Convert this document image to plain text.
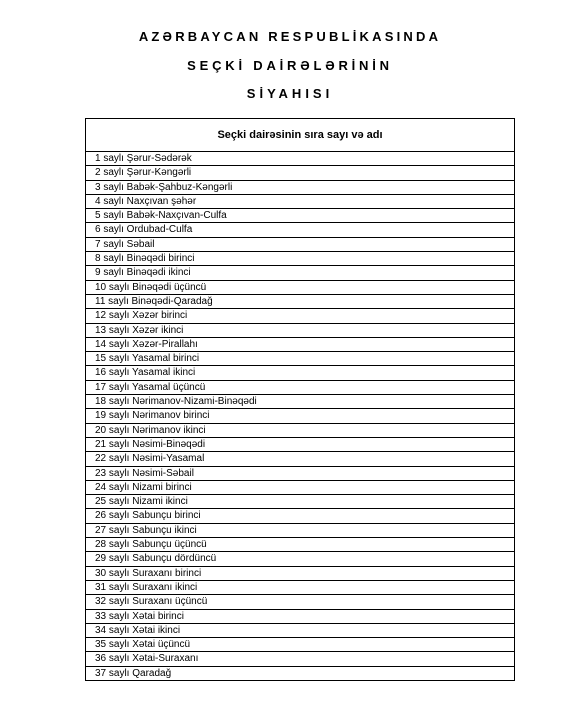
AZƏRBAYCAN RESPUBLİKASINDA
SEÇKİ DAİRƏLƏRİNİN
SİYAHISI
Seçki dairəsinin sıra sayı və adı
1 saylı Şərur-Sədərək
2 saylı Şərur-Kəngərli
3 saylı Babək-Şahbuz-Kəngərli
4 saylı Naxçıvan şəhər
5 saylı Babək-Naxçıvan-Culfa
6 saylı Ordubad-Culfa
7 saylı Səbail
8 saylı Binəqədi birinci
9 saylı Binəqədi ikinci
10 saylı Binəqədi üçüncü
11 saylı Binəqədi-Qaradağ
12 saylı Xəzər birinci
13 saylı Xəzər ikinci
14 saylı Xəzər-Pirallahı
15 saylı Yasamal birinci
16 saylı Yasamal ikinci
17 saylı Yasamal üçüncü
18 saylı Nərimanov-Nizami-Binəqədi
19 saylı Nərimanov birinci
20 saylı Nərimanov ikinci
21 saylı Nəsimi-Binəqədi
22 saylı Nəsimi-Yasamal
23 saylı Nəsimi-Səbail
24 saylı Nizami birinci
25 saylı Nizami ikinci
26 saylı Sabunçu birinci
27 saylı Sabunçu ikinci
28 saylı Sabunçu üçüncü
29 saylı Sabunçu dördüncü
30 saylı Suraxanı birinci
31 saylı Suraxanı ikinci
32 saylı Suraxanı üçüncü
33 saylı Xətai birinci
34 saylı Xətai ikinci
35 saylı Xətai üçüncü
36 saylı Xətai-Suraxanı
37 saylı Qaradağ
